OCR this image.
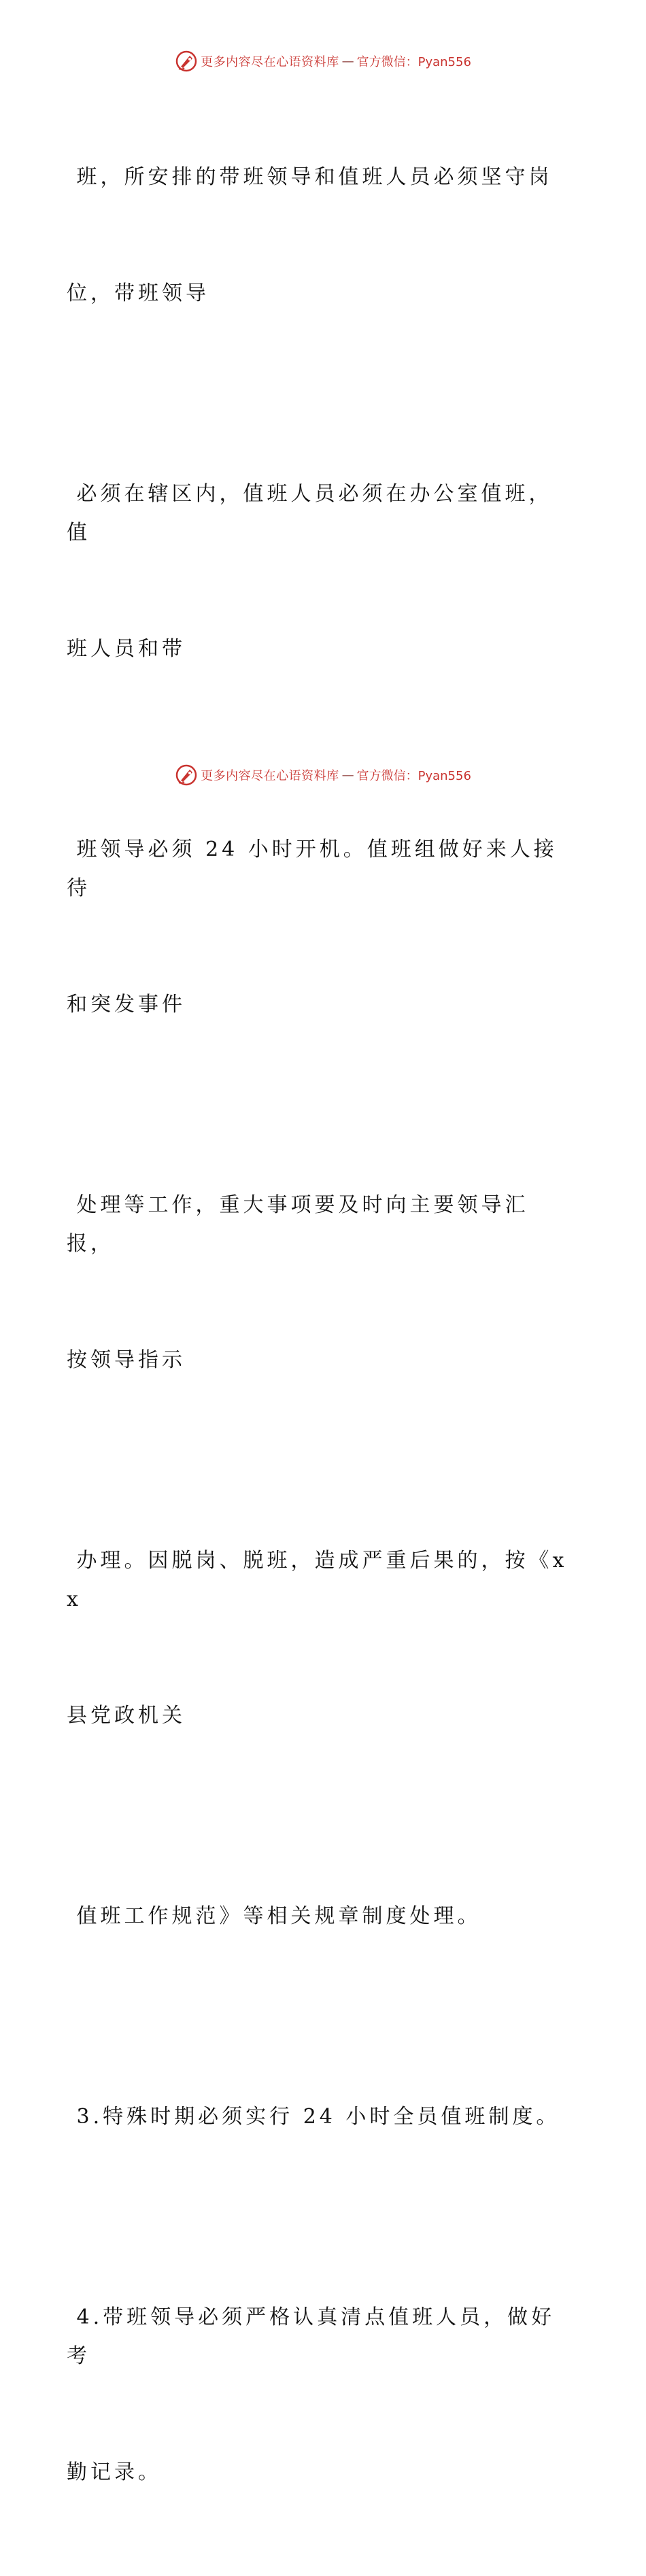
更多内容尽在心语资料库 — 官方微信：Pyan556

班，所安排的带班领导和值班人员必须坚守岗

位，带班领导

必须在辖区内，值班人员必须在办公室值班，值

班人员和带

班领导必须 24 小时开机。值班组做好来人接待

和突发事件

处理等工作，重大事项要及时向主要领导汇报，

按领导指示

办理。因脱岗、脱班，造成严重后果的，按《xx

县党政机关

值班工作规范》等相关规章制度处理。

3.特殊时期必须实行 24 小时全员值班制度。

4.带班领导必须严格认真清点值班人员，做好考

勤记录。

更多内容尽在心语资料库 — 官方微信：Pyan556
